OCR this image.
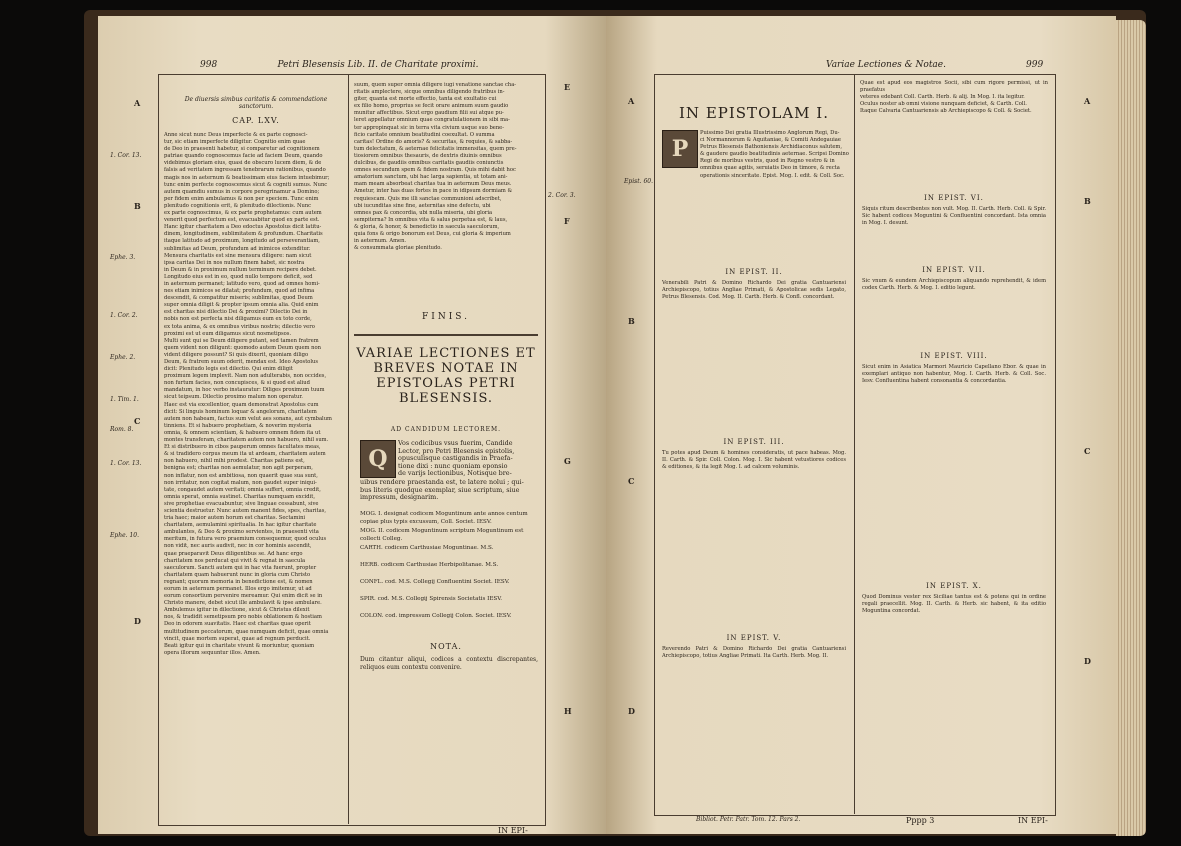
998	Petri Blesensis Lib. II. de Charitate proximi.
A
B
C
D
E
F
G
H
1. Cor. 13.
Ephe. 3.
1. Cor. 2.
Ephe. 2.
1. Tim. 1.
Rom. 8.
1. Cor. 13.
Ephe. 10.
2. Cor. 3.
De diuersis simbus caritatis & commendatione sanctorum.
CAP. LXV.
Anne sicut nunc Deus imperfecte & ex parte cognosci-
tur, sic etiam imperfecte diligitur. Cognitio enim quae
de Deo in praesenti habetur, si comparetur ad cognitionem
patriae quando cognoscemus facie ad faciem Deum, quando
videbimus gloriam eius, quasi de obscuro lucem diem, & de
falsis ad veritatem ingressam tenebrarum rationibus, quando
magis nos in aeternum & beatissimam eius faciem intuebimur;
tunc enim perfecte cognoscemus sicut & cogniti sumus. Nunc
autem quamdiu sumus in corpore peregrinamur a Domino;
per fidem enim ambulamus & non per speciem. Tunc enim
plenitudo cognitionis erit, & plenitudo dilectionis. Nunc
ex parte cognoscimus, & ex parte prophetamus: cum autem
venerit quod perfectum est, evacuabitur quod ex parte est.
Hanc igitur charitatem a Deo edoctus Apostolus dicit latitu-
dinem, longitudinem, sublimitatem & profundum. Charitatis
itaque latitudo ad proximum, longitudo ad perseverantiam,
sublimitas ad Deum, profundum ad inimicos extenditur.
Mensura charitatis est sine mensura diligere: nam sicut
ipsa caritas Dei in nos nullum finem habet, sic nostra
in Deum & in proximum nullum terminum recipere debet.
Longitudo eius est in eo, quod nullo tempore deficit, sed
in aeternum permanet; latitudo vero, quod ad omnes homi-
nes etiam inimicos se dilatat; profundum, quod ad infima
descendit, & compatitur miseris; sublimitas, quod Deum
super omnia diligit & propter ipsum omnia alia. Quid enim
est charitas nisi dilectio Dei & proximi? Dilectio Dei in
nobis non est perfecta nisi diligamus eum ex toto corde,
ex tota anima, & ex omnibus viribus nostris; dilectio vero
proximi est ut eum diligamus sicut nosmetipsos.
Multi sunt qui se Deum diligere putant, sed tamen fratrem
quem vident non diligunt: quomodo autem Deum quem non
vident diligere possunt? Si quis dixerit, quoniam diligo
Deum, & fratrem suum oderit, mendax est. Ideo Apostolus
dicit: Plenitudo legis est dilectio. Qui enim diligit
proximum legem implevit. Nam non adulterabis, non occides,
non furtum facies, non concupisces, & si quod est aliud
mandatum, in hoc verbo instauratur: Diliges proximum tuum
sicut teipsum. Dilectio proximo malum non operatur.
Haec est via excellentior, quam demonstrat Apostolus cum
dicit: Si linguis hominum loquar & angelorum, charitatem
autem non habeam, factus sum velut aes sonans, aut cymbalum
tinniens. Et si habuero prophetiam, & noverim mysteria
omnia, & omnem scientiam, & habuero omnem fidem ita ut
montes transferam, charitatem autem non habuero, nihil sum.
Et si distribuero in cibos pauperum omnes facultates meas,
& si tradidero corpus meum ita ut ardeam, charitatem autem
non habuero, nihil mihi prodest. Charitas patiens est,
benigna est; charitas non aemulatur, non agit perperam,
non inflatur, non est ambitiosa, non quaerit quae sua sunt,
non irritatur, non cogitat malum, non gaudet super iniqui-
tate, congaudet autem veritati; omnia suffert, omnia credit,
omnia sperat, omnia sustinet. Charitas numquam excidit,
sive prophetiae evacuabuntur, sive linguae cessabunt, sive
scientia destruetur. Nunc autem manent fides, spes, charitas,
tria haec; maior autem horum est charitas. Sectamini
charitatem, aemulamini spiritualia. In hac igitur charitate
ambulantes, & Deo & proximo servientes, in praesenti vita
meritum, in futura vero praemium consequemur, quod oculus
non vidit, nec auris audivit, nec in cor hominis ascendit,
quae praeparavit Deus diligentibus se. Ad hanc ergo
charitatem nos perducat qui vivit & regnat in saecula
saeculorum. Sancti autem qui in hac vita fuerunt, propter
charitatem quam habuerunt nunc in gloria cum Christo
regnant; quorum memoria in benedictione est, & nomen
eorum in aeternum permanet. Illos ergo imitemur, ut ad
eorum consortium pervenire mereamur. Qui enim dicit se in
Christo manere, debet sicut ille ambulavit & ipse ambulare.
Ambulemus igitur in dilectione, sicut & Christus dilexit
nos, & tradidit semetipsum pro nobis oblationem & hostiam
Deo in odorem suavitatis. Haec est charitas quae operit
multitudinem peccatorum, quae numquam deficit, quae omnia
vincit, quae mortem superat, quae ad regnum perducit.
Beati igitur qui in charitate vivunt & moriuntur, quoniam
opera illorum sequuntur illos. Amen.
suum, quem super omnia diligere iugi venatione sanctae cha-
ritatis amplectere, sicque omnibus diligendo fratribus in-
giter, quanta est morte effectio, tanta est exultatio cui
ex filio homo, proprius se fecit orare animum suum gaudio
munitur affectibus. Sicut ergo gaudium filii sui atque pu-
leret appellatur omnium quae congratulationem in sibi ma-
ter appropinquat sic in terra vita civium usque suo bene-
ficio caritate omnium beatitudini coexultat. O summa
caritas! Ordine do amoris? & securitas, & requies, & sabba-
tum delectatum, & aeternae felicitatis immensitas, quem pre-
tiosiorem omnibus thesauris, de dextris diuinis omnibus
dulcibus, de gaudiis omnibus caritatis gaudiis coniunctis
omnes secundum spem & fidem nostram. Quis mihi dabit hoc
amatorium sanctum, ubi hac larga sapientia, ut totam ani-
mam meam absorbeat charitas tua in aeternum Deus meus.
Ametur, inter has duas fortes in pace in idipsum dormiam &
requiescam. Quis me illi sanctae communioni adscribet,
ubi iucunditas sine fine, aeternitas sine defectu, ubi
omnes pax & concordia, ubi nulla miseria, ubi gloria
sempiterna? In omnibus vita & salus perpetua est, & laus,
& gloria, & honor, & benedictio in saecula saeculorum,
quia fons & origo bonorum est Deus, cui gloria & imperium
in aeternum. Amen.
& consummata gloriae plenitudo.
FINIS.
VARIAE LECTIONES ET BREVES NOTAE IN EPISTOLAS PETRI BLESENSIS.
AD CANDIDUM LECTOREM.
Q
Vos codicibus vsus fuerim, Candide
Lector, pro Petri Blesensis epistolis,
opusculisque castigandis in Praefa-
tione dixi : nunc quoniam eponsio
de varijs lectionibus, Notisque bre-
uibus rendere praestanda est, te latere nolui ; qui-
bus literis quodque exemplar, siue scriptum, siue
impressum, designarim.
MOG. I. designat codicem Moguntinum ante annos centum copiae plus typis excussum, Coll. Societ. IESV.
MOG. II. codicem Moguntinum scriptum Moguntinum est collecti Colleg.
CARTH. codicem Carthusiae Moguntinae. M.S.
HERB. codicem Carthusiae Herbipolitanae. M.S.
CONFL. cod. M.S. Collegij Confluentini Societ. IESV.
SPIR. cod. M.S. Collegij Spirensis Societatis IESV.
COLON. cod. impressum Collegij Colon. Societ. IESV.
NOTA.
Dum citantur aliqui, codices a contextu discrepantes, reliquos eum contextu convenire.
IN EPI-
Variae Lectiones & Notae.	999
A
B
C
D
A
B
C
D
Epist. 60.
IN EPISTOLAM I.
P
Puissimo Dei gratia Illustrissimo Anglorum Regi, Du-
ci Normannorum & Aquitaniae, & Comiti Andegauiae
Petrus Blesensis Bathoniensis Archidiaconus salutem,
& gaudere gaudio beatitudinis aeternae. Scripsi Domino
Regi de moribus vestris, quod in Regno vestro & in
omnibus quae agitis, seruiatis Deo in timore, & recta
operationis sinceritate. Epist. Mog. I. edit. & Coll. Soc.
IN EPIST. II.
Venerabili Patri & Domino Richardo Dei gratia Cantuariensi Archiepiscopo, totius Angliae Primati, & Apostolicae sedis Legato, Petrus Blesensis. Cod. Mog. II. Carth. Herb. & Confl. concordant.
IN EPIST. III.
Tu potes apud Deum & homines consideratis, ut pace habeas. Mog. II. Carth. & Spir. Coll. Colon. Mog. I. Sic habent vetustiores codices & editiones, & ita legit Mog. I. ad calcem voluminis.
IN EPIST. V.
Reverendo Patri & Domino Richardo Dei gratia Cantuariensi Archiepiscopo, totius Angliae Primati. Ita Carth. Herb. Mog. II.
Quae est apud eos magistros Socii, sibi cum rigore permissi, ut in praefatus
veteres edebant Coll. Carth. Herb. & alij. In Mog. I. ita legitur.
Oculus noster ab omni visione nunquam deficiet, & Carth. Coll.
Itaque Calvaria Cantuariensis ab Archiepiscopo & Coll. & Societ.
IN EPIST. VI.
Siquis ritum describentes non vult. Mog. II. Carth. Herb. Coll. & Spir. Sic habent codices Moguntini & Confluentini concordant. Ista omnia in Mog. I. desunt.
IN EPIST. VII.
Sic vnum & eundem Archiepiscopum aliquando reprehendit, & idem codex Carth. Herb. & Mog. I. editio legunt.
IN EPIST. VIII.
Sicut enim in Asiatica Marmori Mauricio Capellano Ebor. & quae in exemplari antiquo non habentur, Mog. I. Carth. Herb. & Coll. Soc. Iesv. Confluentina habent consonantia & concordantia.
IN EPIST. X.
Quod Dominus vester rex Siciliae tantus est & potens qui in ordine regali praecellit. Mog. II. Carth. & Herb. sic habent, & ita editio Moguntina concordat.
Bibliot. Petr. Patr. Tom. 12. Pars 2.	Pppp 3	IN EPI-
